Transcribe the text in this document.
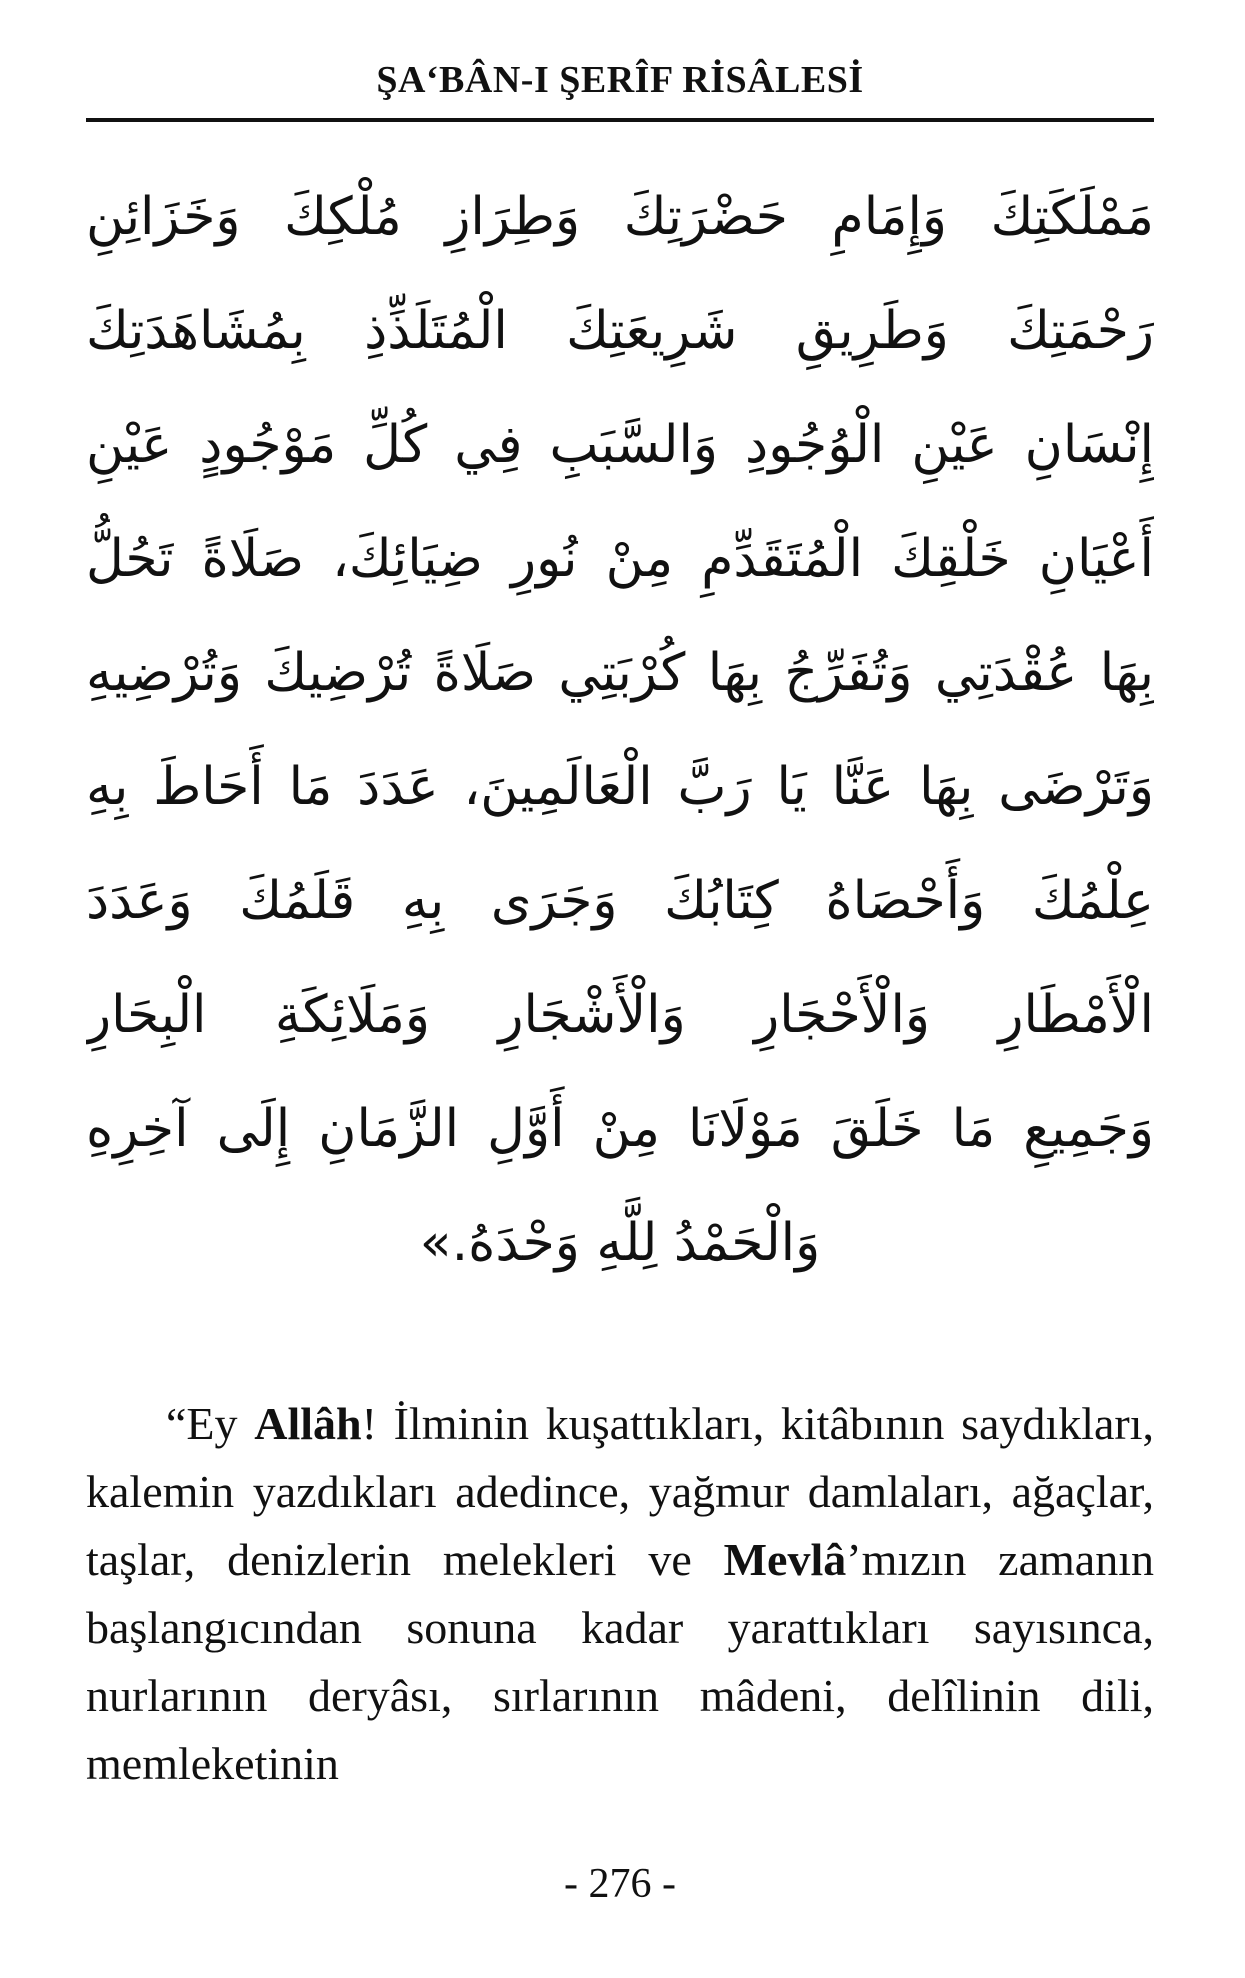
ŞA‘BÂN-I ŞERÎF RİSÂLESİ
مَمْلَكَتِكَ وَإِمَامِ حَضْرَتِكَ وَطِرَازِ مُلْكِكَ وَخَزَائِنِ
رَحْمَتِكَ وَطَرِيقِ شَرِيعَتِكَ الْمُتَلَذِّذِ بِمُشَاهَدَتِكَ
إِنْسَانِ عَيْنِ الْوُجُودِ وَالسَّبَبِ فِي كُلِّ مَوْجُودٍ عَيْنِ
أَعْيَانِ خَلْقِكَ الْمُتَقَدِّمِ مِنْ نُورِ ضِيَائِكَ، صَلَاةً تَحُلُّ
بِهَا عُقْدَتِي وَتُفَرِّجُ بِهَا كُرْبَتِي صَلَاةً تُرْضِيكَ وَتُرْضِيهِ
وَتَرْضَى بِهَا عَنَّا يَا رَبَّ الْعَالَمِينَ، عَدَدَ مَا أَحَاطَ بِهِ
عِلْمُكَ وَأَحْصَاهُ كِتَابُكَ وَجَرَى بِهِ قَلَمُكَ وَعَدَدَ
الْأَمْطَارِ وَالْأَحْجَارِ وَالْأَشْجَارِ وَمَلَائِكَةِ الْبِحَارِ
وَجَمِيعِ مَا خَلَقَ مَوْلَانَا مِنْ أَوَّلِ الزَّمَانِ إِلَى آخِرِهِ
وَالْحَمْدُ لِلَّهِ وَحْدَهُ.»

“Ey Allâh! İlminin kuşattıkları, kitâbının saydıkları, kalemin yazdıkları adedince, yağmur damlaları, ağaçlar, taşlar, denizlerin melekleri ve Mevlâ’mızın zamanın başlangıcından sonuna kadar yarattıkları sayısınca, nurlarının deryâsı, sırlarının mâdeni, delîlinin dili, memleketinin

- 276 -
